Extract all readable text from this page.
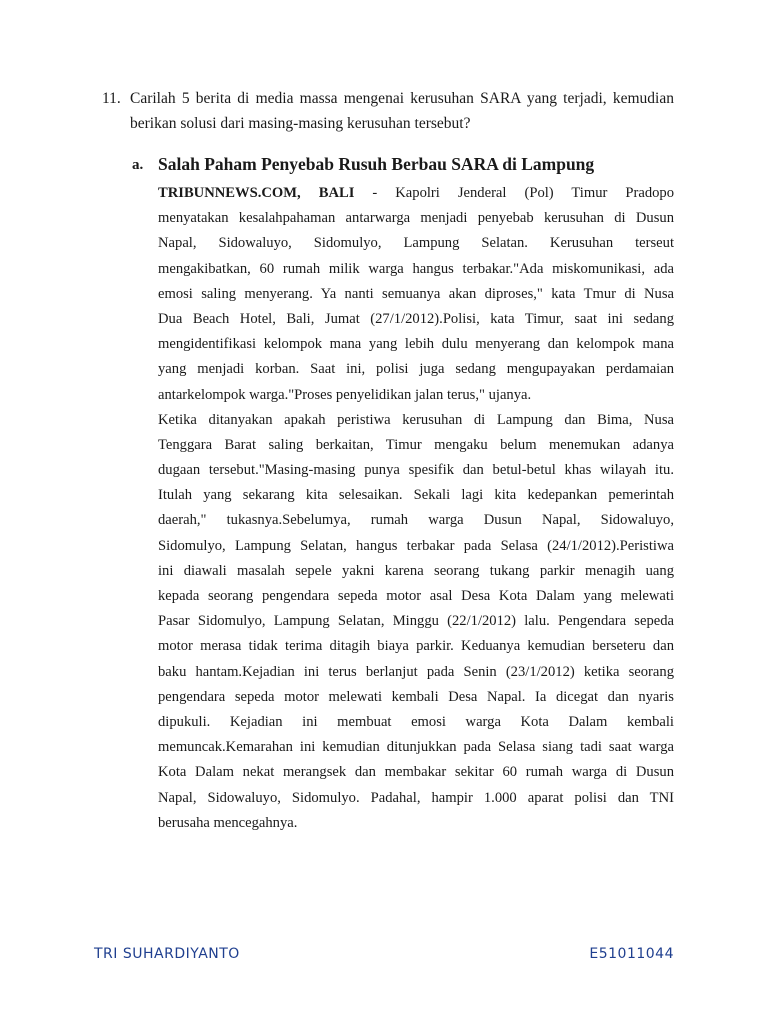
11. Carilah 5 berita di media massa mengenai kerusuhan SARA yang terjadi, kemudian berikan solusi dari masing-masing kerusuhan tersebut?
a. Salah Paham Penyebab Rusuh Berbau SARA di Lampung
TRIBUNNEWS.COM, BALI - Kapolri Jenderal (Pol) Timur Pradopo
menyatakan kesalahpahaman antarwarga menjadi penyebab kerusuhan di Dusun
Napal, Sidowaluyo, Sidomulyo, Lampung Selatan. Kerusuhan terseut
mengakibatkan, 60 rumah milik warga hangus terbakar."Ada miskomunikasi, ada
emosi saling menyerang. Ya nanti semuanya akan diproses," kata Tmur di Nusa
Dua Beach Hotel, Bali, Jumat (27/1/2012).Polisi, kata Timur, saat ini sedang
mengidentifikasi kelompok mana yang lebih dulu menyerang dan kelompok mana
yang menjadi korban. Saat ini, polisi juga sedang mengupayakan perdamaian
antarkelompok warga."Proses penyelidikan jalan terus," ujanya.
Ketika ditanyakan apakah peristiwa kerusuhan di Lampung dan Bima, Nusa
Tenggara Barat saling berkaitan, Timur mengaku belum menemukan adanya
dugaan tersebut."Masing-masing punya spesifik dan betul-betul khas wilayah itu.
Itulah yang sekarang kita selesaikan. Sekali lagi kita kedepankan pemerintah
daerah," tukasnya.Sebelumya, rumah warga Dusun Napal, Sidowaluyo,
Sidomulyo, Lampung Selatan, hangus terbakar pada Selasa (24/1/2012).Peristiwa
ini diawali masalah sepele yakni karena seorang tukang parkir menagih uang
kepada seorang pengendara sepeda motor asal Desa Kota Dalam yang melewati
Pasar Sidomulyo, Lampung Selatan, Minggu (22/1/2012) lalu. Pengendara sepeda
motor merasa tidak terima ditagih biaya parkir. Keduanya kemudian berseteru dan
baku hantam.Kejadian ini terus berlanjut pada Senin (23/1/2012) ketika seorang
pengendara sepeda motor melewati kembali Desa Napal. Ia dicegat dan nyaris
dipukuli. Kejadian ini membuat emosi warga Kota Dalam kembali
memuncak.Kemarahan ini kemudian ditunjukkan pada Selasa siang tadi saat warga
Kota Dalam nekat merangsek dan membakar sekitar 60 rumah warga di Dusun
Napal, Sidowaluyo, Sidomulyo. Padahal, hampir 1.000 aparat polisi dan TNI
berusaha mencegahnya.
TRI SUHARDIYANTO	E51011044
